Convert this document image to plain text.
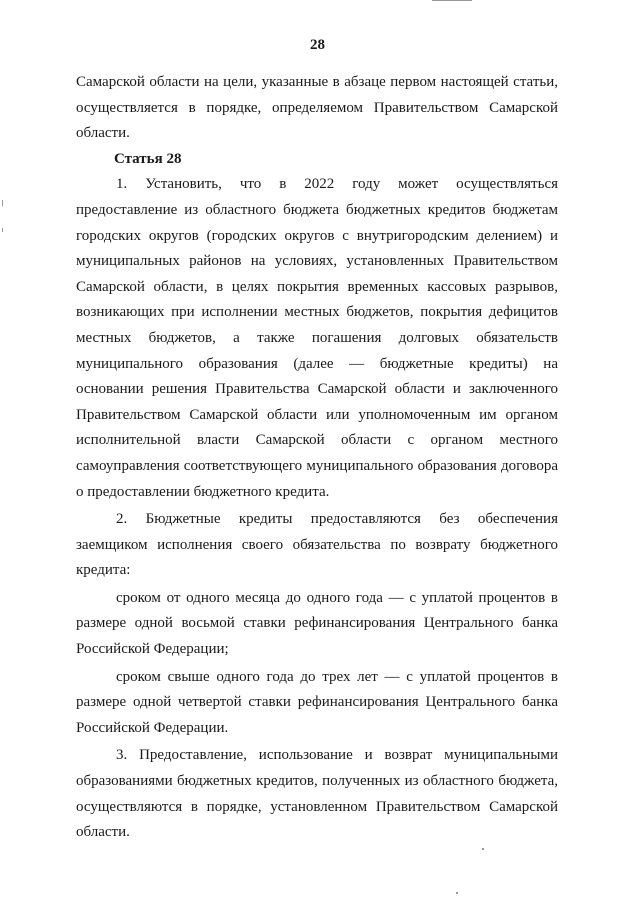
28

Самарской области на цели, указанные в абзаце первом настоящей статьи, осуществляется в порядке, определяемом Правительством Самарской области.

Статья 28

1. Установить, что в 2022 году может осуществляться предоставление из областного бюджета бюджетных кредитов бюджетам городских округов (городских округов с внутригородским делением) и муниципальных районов на условиях, установленных Правительством Самарской области, в целях покрытия временных кассовых разрывов, возникающих при исполнении местных бюджетов, покрытия дефицитов местных бюджетов, а также погашения долговых обязательств муниципального образования (далее — бюджетные кредиты) на основании решения Правительства Самарской области и заключенного Правительством Самарской области или уполномоченным им органом исполнительной власти Самарской области с органом местного самоуправления соответствующего муниципального образования договора о предоставлении бюджетного кредита.

2. Бюджетные кредиты предоставляются без обеспечения заемщиком исполнения своего обязательства по возврату бюджетного кредита:

сроком от одного месяца до одного года — с уплатой процентов в размере одной восьмой ставки рефинансирования Центрального банка Российской Федерации;

сроком свыше одного года до трех лет — с уплатой процентов в размере одной четвертой ставки рефинансирования Центрального банка Российской Федерации.

3. Предоставление, использование и возврат муниципальными образованиями бюджетных кредитов, полученных из областного бюджета, осуществляются в порядке, установленном Правительством Самарской области.
